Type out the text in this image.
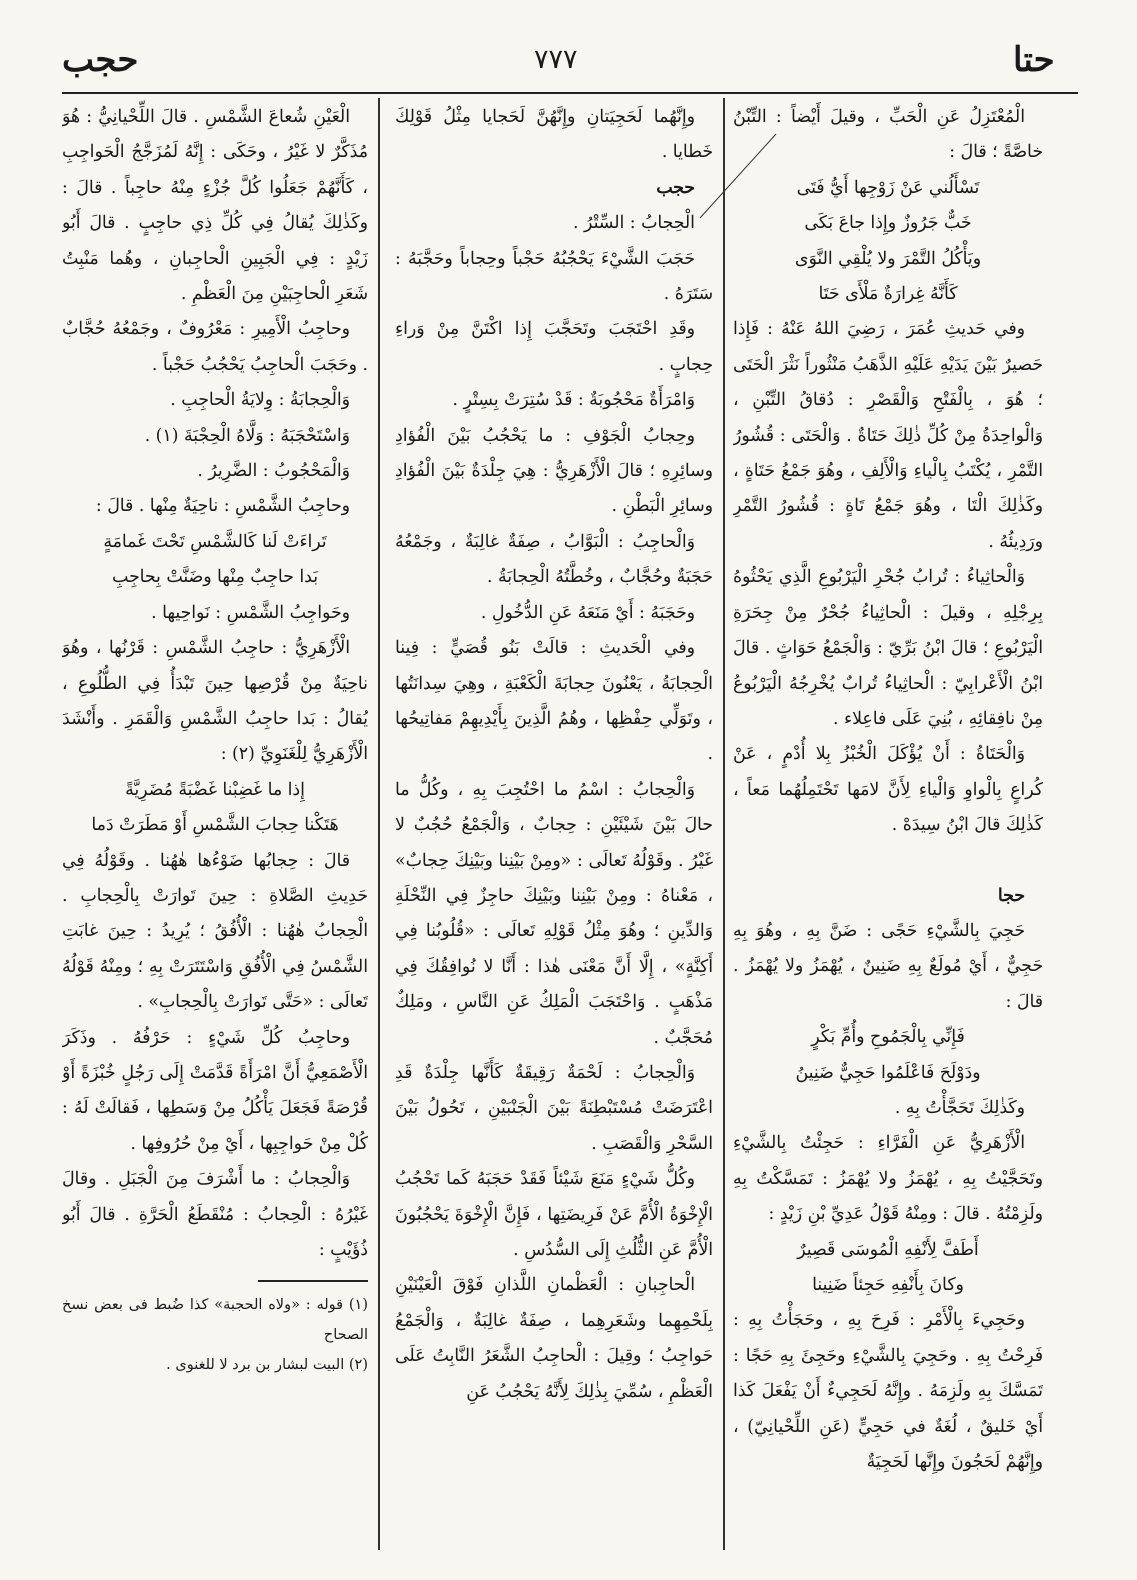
حجب	٧٧٧	حتا

الْمُعْتَزِلُ عَنِ الْحَبِّ ، وقيلَ أَيْضاً : التِّبْنُ خاصَّةً ؛ قالَ :

تَسْأَلُني عَنْ زَوْجِها أَيُّ فَتَى

خَبٌّ جَرُوزٌ وإِذا جاعَ بَكَى

ويَأْكُلُ التَّمْرَ ولا يُلْقِي النَّوَى

كَأَنَّهُ غِرارَةٌ مَلْأَى حَتَا

وفي حَديثِ عُمَرَ ، رَضِيَ اللهُ عَنْهُ : فَإِذا حَصيرٌ بَيْنَ يَدَيْهِ عَلَيْهِ الذَّهَبُ مَنْثُوراً نَثْرَ الْحَتَى ؛ هُوَ ، بِالْفَتْحِ وَالْقَصْرِ : دُقاقُ التِّبْنِ ، وَالْواحِدَةُ مِنْ كُلِّ ذٰلِكَ حَتَاةٌ . وَالْحَتَى : قُشُورُ التَّمْرِ ، يُكْتَبُ بِالْياءِ وَالْأَلِفِ ، وهُوَ جَمْعُ حَتَاةٍ ، وكَذٰلِكَ الْتَا ، وهُوَ جَمْعُ تَاةٍ : قُشُورُ التَّمْرِ ورَدِيئُهُ .

وَالْحاثِياءُ : تُرابُ جُحْرِ الْيَرْبُوعِ الَّذِي يَحْثُوهُ بِرِجْلِهِ ، وقيلَ : الْحاثِياءُ جُحْرٌ مِنْ جِحَرَةِ الْيَرْبُوعِ ؛ قالَ ابْنُ بَرِّيّ : وَالْجَمْعُ حَوَاثٍ . قالَ ابْنُ الْأَعْرابِيّ : الْحاثِياءُ تُرابٌ يُخْرِجُهُ الْيَرْبُوعُ مِنْ نافِقائِهِ ، بُنِيَ عَلَى فاعِلاء .

وَالْحَتَاةُ : أَنْ يُؤْكَلَ الْخُبْزُ بِلا أُدْمٍ ، عَنْ كُراعٍ بِالْواوِ وَالْياءِ لِأَنَّ لامَها تَحْتَمِلُهُما مَعاً ، كَذٰلِكَ قالَ ابْنُ سِيدَهْ .

حجا

حَجِيَ بِالشَّيْءِ حَجًى : ضَنَّ بِهِ ، وهُوَ بِهِ حَجِيٌّ ، أَيْ مُولَعٌ بِهِ ضَنِينٌ ، يُهْمَزُ ولا يُهْمَزُ . قالَ :

فَإِنِّي بِالْجَمُوحِ وأُمِّ بَكْرٍ

ودَوْلَحَ فَاعْلَمُوا حَجِيٌّ ضَنِينُ

وكَذٰلِكَ تَحَجَّأْتُ بِهِ .

الْأَزْهَرِيُّ عَنِ الْفَرَّاءِ : حَجِئْتُ بِالشَّيْءِ وتَحَجَّيْتُ بِهِ ، يُهْمَزُ ولا يُهْمَزُ : تَمَسَّكْتُ بِهِ ولَزِمْتُهُ . قالَ : ومِنْهُ قَوْلُ عَدِيِّ بْنِ زَيْدٍ :

أَطَفَّ لِأَنْفِهِ الْمُوسَى قَصِيرٌ

وكانَ بِأَنْفِهِ حَجِئاً ضَنِينا

وحَجِيءَ بِالْأَمْرِ : فَرِحَ بِهِ ، وحَجَأْتُ بِهِ : فَرِحْتُ بِهِ . وحَجِيَ بِالشَّيْءِ وحَجِئَ بِهِ حَجًا : تَمَسَّكَ بِهِ ولَزِمَهُ . وإِنَّهُ لَحَجِيءٌ أَنْ يَفْعَلَ كَذا أَيْ خَليقٌ ، لُغَةٌ في حَجِيٍّ (عَنِ اللِّحْيانِيّ) ، وإِنَّهُمْ لَحَجُونَ وإِنَّها لَحَجِيَةٌ

وإِنَّهُما لَحَجِيَتانِ وإِنَّهُنَّ لَحَجايا مِثْلُ قَوْلِكَ خَطايا .

حجب

الْحِجابُ : السِّتْرُ .

حَجَبَ الشَّيْءَ يَحْجُبُهُ حَجْباً وحِجاباً وحَجَّبَهُ : سَتَرَهُ .

وقَدِ احْتَجَبَ وتَحَجَّبَ إِذا اكْتَنَّ مِنْ وَراءِ حِجابٍ .

وَامْرَأَةٌ مَحْجُوبَةٌ : قَدْ سُتِرَتْ بِسِتْرٍ .

وحِجابُ الْجَوْفِ : ما يَحْجُبُ بَيْنَ الْفُؤادِ وسائِرِهِ ؛ قالَ الْأَزْهَرِيُّ : هِيَ جِلْدَةٌ بَيْنَ الْفُؤادِ وسائِرِ الْبَطْنِ .

وَالْحاجِبُ : الْبَوَّابُ ، صِفَةٌ غالِبَةٌ ، وجَمْعُهُ حَجَبَةٌ وحُجَّابٌ ، وخُطَّتُهُ الْحِجابَةُ .

وحَجَبَهُ : أَيْ مَنَعَهُ عَنِ الدُّخُولِ .

وفي الْحَديثِ : قالَتْ بَنُو قُصَيٍّ : فِينا الْحِجابَةُ ، يَعْنُونَ حِجابَةَ الْكَعْبَةِ ، وهِيَ سِدانَتُها ، وتَوَلِّي حِفْظِها ، وهُمُ الَّذِينَ بِأَيْدِيهِمْ مَفاتِيحُها .

وَالْحِجابُ : اسْمُ ما احْتُجِبَ بِهِ ، وكُلُّ ما حالَ بَيْنَ شَيْئَيْنِ : حِجابٌ ، وَالْجَمْعُ حُجُبٌ لا غَيْرُ . وقَوْلُهُ تَعالَى : «ومِنْ بَيْنِنا وبَيْنِكَ حِجابٌ» ، مَعْناهُ : ومِنْ بَيْنِنا وبَيْنِكَ حاجِزٌ فِي النِّحْلَةِ وَالدِّينِ ؛ وهُوَ مِثْلُ قَوْلِهِ تَعالَى : «قُلُوبُنا فِي أَكِنَّةٍ» ، إِلَّا أَنَّ مَعْنَى هٰذا : أَنَّا لا نُوافِقُكَ فِي مَذْهَبٍ . وَاحْتَجَبَ الْمَلِكُ عَنِ النَّاسِ ، ومَلِكٌ مُحَجَّبٌ .

وَالْحِجابُ : لَحْمَةٌ رَقِيقَةٌ كَأَنَّها جِلْدَةٌ قَدِ اعْتَرَضَتْ مُسْتَبْطِنَةً بَيْنَ الْجَنْبَيْنِ ، تَحُولُ بَيْنَ السَّحْرِ وَالْقَصَبِ .

وكُلُّ شَيْءٍ مَنَعَ شَيْئاً فَقَدْ حَجَبَهُ كَما تَحْجُبُ الْإِخْوَةُ الْأُمَّ عَنْ فَرِيضَتِها ، فَإِنَّ الْإِخْوَةَ يَحْجُبُونَ الْأُمَّ عَنِ الثُّلُثِ إِلَى السُّدُسِ .

الْحاجِبانِ : الْعَظْمانِ اللَّذانِ فَوْقَ الْعَيْنَيْنِ بِلَحْمِهِما وشَعَرِهِما ، صِفَةٌ غالِبَةٌ ، وَالْجَمْعُ حَواجِبُ ؛ وقِيلَ : الْحاجِبُ الشَّعَرُ النَّابِتُ عَلَى الْعَظْمِ ، سُمِّيَ بِذٰلِكَ لِأَنَّهُ يَحْجُبُ عَنِ

الْعَيْنِ شُعاعَ الشَّمْسِ . قالَ اللِّحْيانِيُّ : هُوَ مُذَكَّرٌ لا غَيْرُ ، وحَكَى : إِنَّهُ لَمُزَجَّجُ الْحَواجِبِ ، كَأَنَّهُمْ جَعَلُوا كُلَّ جُزْءٍ مِنْهُ حاجِباً . قالَ : وكَذٰلِكَ يُقالُ فِي كُلِّ ذِي حاجِبٍ . قالَ أَبُو زَيْدٍ : فِي الْجَبِينِ الْحاجِبانِ ، وهُما مَنْبِتُ شَعَرِ الْحاجِبَيْنِ مِنَ الْعَظْمِ .

وحاجِبُ الْأَمِيرِ : مَعْرُوفٌ ، وجَمْعُهُ حُجَّابٌ . وحَجَبَ الْحاجِبُ يَحْجُبُ حَجْباً .

وَالْحِجابَةُ : وِلايَةُ الْحاجِبِ .

وَاسْتَحْجَبَهُ : وَلَّاهُ الْحِجْبَةَ (١) .

وَالْمَحْجُوبُ : الضَّرِيرُ .

وحاجِبُ الشَّمْسِ : ناحِيَةٌ مِنْها . قالَ :

تَراءَتْ لَنا كَالشَّمْسِ تَحْتَ غَمامَةٍ

بَدا حاجِبٌ مِنْها وضَنَّتْ بِحاجِبِ

وحَواجِبُ الشَّمْسِ : نَواحِيها .

الْأَزْهَرِيُّ : حاجِبُ الشَّمْسِ : قَرْنُها ، وهُوَ ناحِيَةٌ مِنْ قُرْصِها حِينَ تَبْدَأُ فِي الطُّلُوعِ ، يُقالُ : بَدا حاجِبُ الشَّمْسِ وَالْقَمَرِ . وأَنْشَدَ الْأَزْهَرِيُّ لِلْغَنَوِيِّ (٢) :

إِذا ما غَضِبْنا غَضْبَةً مُضَرِيَّةً

هَتَكْنا حِجابَ الشَّمْسِ أَوْ مَطَرَتْ دَما

قالَ : حِجابُها ضَوْءُها هٰهُنا . وقَوْلُهُ فِي حَدِيثِ الصَّلاةِ : حِينَ تَوارَتْ بِالْحِجابِ . الْحِجابُ هٰهُنا : الْأُفُقُ ؛ يُرِيدُ : حِينَ غابَتِ الشَّمْسُ فِي الْأُفُقِ وَاسْتَتَرَتْ بِهِ ؛ ومِنْهُ قَوْلُهُ تَعالَى : «حَتَّى تَوارَتْ بِالْحِجابِ» .

وحاجِبُ كُلِّ شَيْءٍ : حَرْفُهُ . وذَكَرَ الْأَصْمَعِيُّ أَنَّ امْرَأَةً قَدَّمَتْ إِلَى رَجُلٍ خُبْزَةً أَوْ قُرْصَةً فَجَعَلَ يَأْكُلُ مِنْ وَسَطِها ، فَقالَتْ لَهُ : كُلْ مِنْ حَواجِبِها ، أَيْ مِنْ حُرُوفِها .

وَالْحِجابُ : ما أَشْرَفَ مِنَ الْجَبَلِ . وقالَ غَيْرُهُ : الْحِجابُ : مُنْقَطَعُ الْحَرَّةِ . قالَ أَبُو ذُؤَيْبٍ :

(١) قوله : «ولاه الحجبة» كذا ضُبط فى بعض نسخ الصحاح

(٢) البيت لبشار بن برد لا للغنوى .
